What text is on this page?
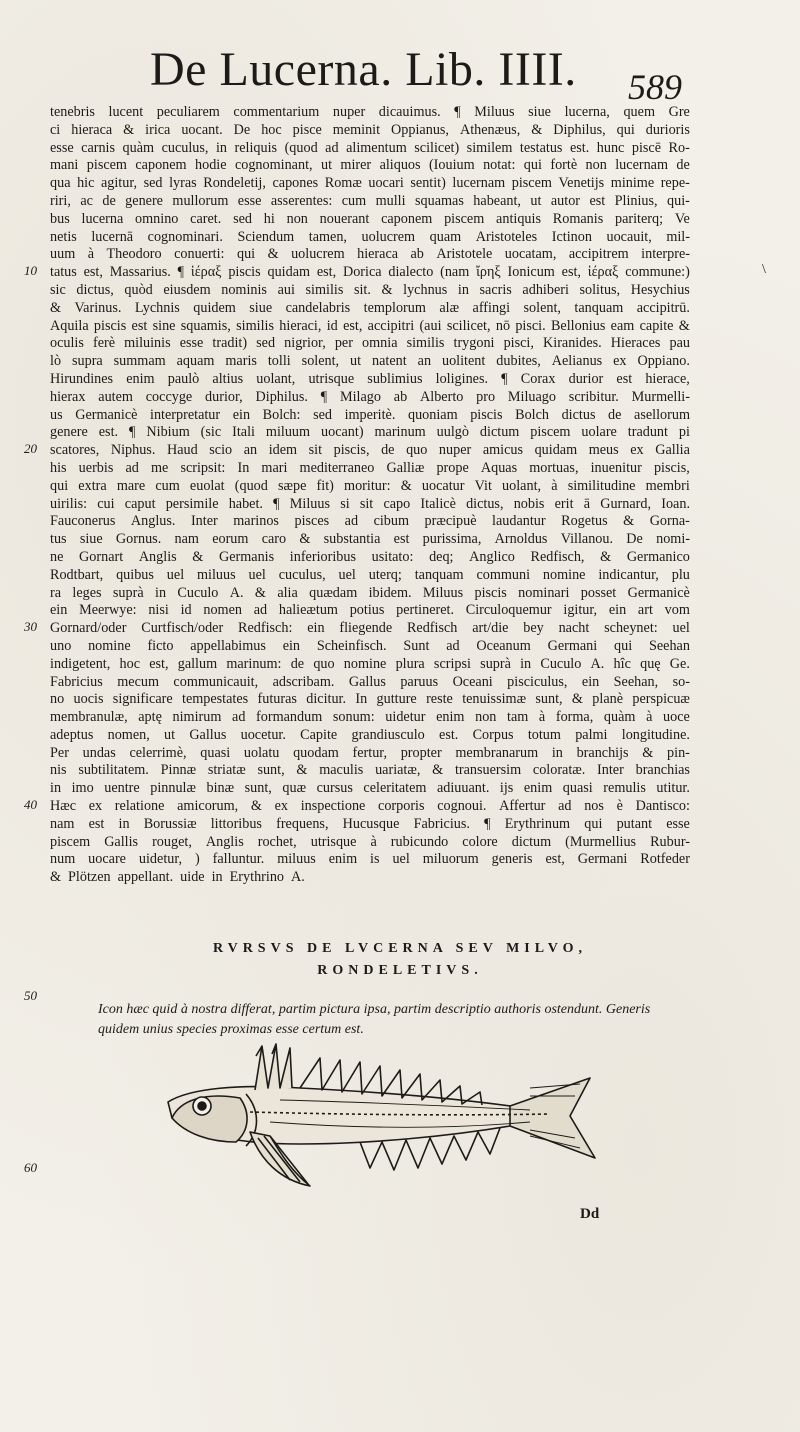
De Lucerna. Lib. IIII. 589
\
10
20
30
40
50
60
tenebris lucent peculiarem commentarium nuper dicauimus. ¶ Miluus siue lucerna, quem Gre
ci hieraca & irica uocant. De hoc pisce meminit Oppianus, Athenæus, & Diphilus, qui durioris
esse carnis quàm cuculus, in reliquis (quod ad alimentum scilicet) similem testatus est. hunc piscē Ro-
mani piscem caponem hodie cognominant, ut mirer aliquos (Iouium notat: qui fortè non lucernam de
qua hic agitur, sed lyras Rondeletij, capones Romæ uocari sentit) lucernam piscem Venetijs minime repe-
riri, ac de genere mullorum esse asserentes: cum mulli squamas habeant, ut autor est Plinius, qui-
bus lucerna omnino caret. sed hi non nouerant caponem piscem antiquis Romanis pariterq; Ve
netis lucernā cognominari. Sciendum tamen, uolucrem quam Aristoteles Ictinon uocauit, mil-
uum à Theodoro conuerti: qui & uolucrem hieraca ab Aristotele uocatam, accipitrem interpre-
tatus est, Massarius. ¶ ἱέραξ piscis quidam est, Dorica dialecto (nam ἴρηξ Ionicum est, ἱέραξ commune:)
sic dictus, quòd eiusdem nominis aui similis sit. & lychnus in sacris adhiberi solitus, Hesychius
& Varinus. Lychnis quidem siue candelabris templorum alæ affingi solent, tanquam accipitrū.
Aquila piscis est sine squamis, similis hieraci, id est, accipitri (aui scilicet, nō pisci. Bellonius eam capite &
oculis ferè miluinis esse tradit) sed nigrior, per omnia similis trygoni pisci, Kiranides. Hieraces pau
lò supra summam aquam maris tolli solent, ut natent an uolitent dubites, Aelianus ex Oppiano.
Hirundines enim paulò altius uolant, utrisque sublimius loligines. ¶ Corax durior est hierace,
hierax autem coccyge durior, Diphilus. ¶ Milago ab Alberto pro Miluago scribitur. Murmelli-
us Germanicè interpretatur ein Bolch: sed imperitè. quoniam piscis Bolch dictus de asellorum
genere est. ¶ Nibium (sic Itali miluum uocant) marinum uulgò dictum piscem uolare tradunt pi
scatores, Niphus. Haud scio an idem sit piscis, de quo nuper amicus quidam meus ex Gallia
his uerbis ad me scripsit: In mari mediterraneo Galliæ prope Aquas mortuas, inuenitur piscis,
qui extra mare cum euolat (quod sæpe fit) moritur: & uocatur Vit uolant, à similitudine membri
uirilis: cui caput persimile habet. ¶ Miluus si sit capo Italicè dictus, nobis erit ā Gurnard, Ioan.
Fauconerus Anglus. Inter marinos pisces ad cibum præcipuè laudantur Rogetus & Gorna-
tus siue Gornus. nam eorum caro & substantia est purissima, Arnoldus Villanou. De nomi-
ne Gornart Anglis & Germanis inferioribus usitato: deq; Anglico Redfisch, & Germanico
Rodtbart, quibus uel miluus uel cuculus, uel uterq; tanquam communi nomine indicantur, plu
ra leges suprà in Cuculo A. & alia quædam ibidem. Miluus piscis nominari posset Germanicè
ein Meerwye: nisi id nomen ad halieætum potius pertineret. Circuloquemur igitur, ein art vom
Gornard/oder Curtfisch/oder Redfisch: ein fliegende Redfisch art/die bey nacht scheynet: uel
uno nomine ficto appellabimus ein Scheinfisch. Sunt ad Oceanum Germani qui Seehan
indigetent, hoc est, gallum marinum: de quo nomine plura scripsi suprà in Cuculo A. hîc quę Ge.
Fabricius mecum communicauit, adscribam. Gallus paruus Oceani pisciculus, ein Seehan, so-
no uocis significare tempestates futuras dicitur. In gutture reste tenuissimæ sunt, & planè perspicuæ
membranulæ, aptę nimirum ad formandum sonum: uidetur enim non tam à forma, quàm à uoce
adeptus nomen, ut Gallus uocetur. Capite grandiusculo est. Corpus totum palmi longitudine.
Per undas celerrimè, quasi uolatu quodam fertur, propter membranarum in branchijs & pin-
nis subtilitatem. Pinnæ striatæ sunt, & maculis uariatæ, & transuersim coloratæ. Inter branchias
in imo uentre pinnulæ binæ sunt, quæ cursus celeritatem adiuuant. ijs enim quasi remulis utitur.
Hæc ex relatione amicorum, & ex inspectione corporis cognoui. Affertur ad nos è Dantisco:
nam est in Borussiæ littoribus frequens, Hucusque Fabricius. ¶ Erythrinum qui putant esse
piscem Gallis rouget, Anglis rochet, utrisque à rubicundo colore dictum (Murmellius Rubur-
num uocare uidetur, ) falluntur. miluus enim is uel miluorum generis est, Germani Rotfeder
& Plötzen appellant. uide in Erythrino A.

RVRSVS DE LVCERNA SEV MILVO,

RONDELETIVS.

Icon hæc quid à nostra differat, partim pictura ipsa, partim descriptio authoris ostendunt. Generis quidem unius species proximas esse certum est.

Dd
